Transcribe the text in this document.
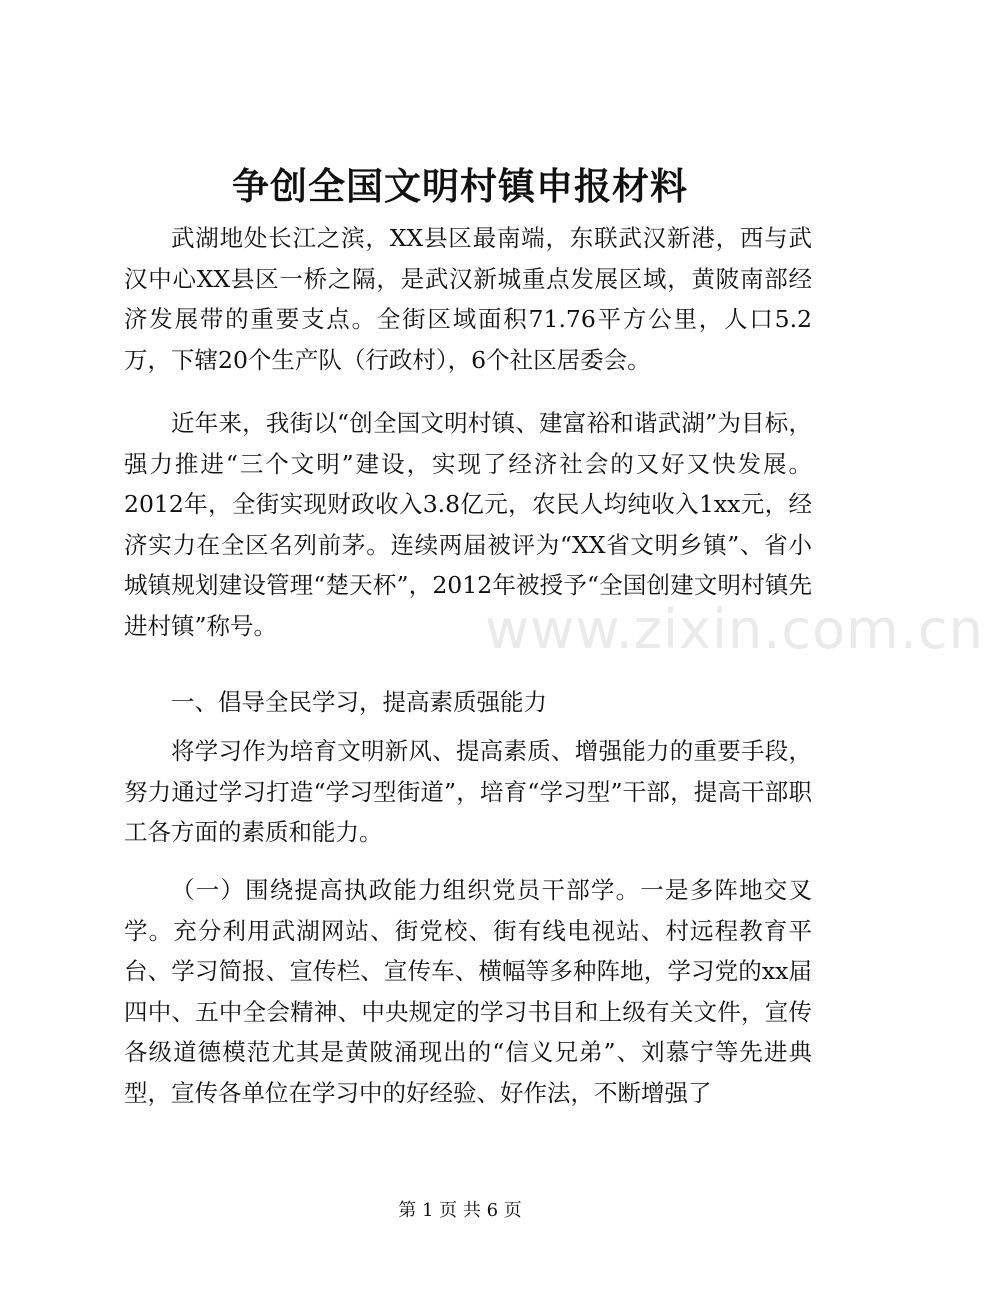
争创全国文明村镇申报材料

武湖地处长江之滨，XX县区最南端，东联武汉新港，西与武汉中心XX县区一桥之隔，是武汉新城重点发展区域，黄陂南部经济发展带的重要支点。全街区域面积71.76平方公里，人口5.2万，下辖20个生产队（行政村），6个社区居委会。

近年来，我街以“创全国文明村镇、建富裕和谐武湖”为目标，强力推进“三个文明”建设，实现了经济社会的又好又快发展。2012年，全街实现财政收入3.8亿元，农民人均纯收入1xx元，经济实力在全区名列前茅。连续两届被评为“XX省文明乡镇”、省小城镇规划建设管理“楚天杯”，2012年被授予“全国创建文明村镇先进村镇”称号。

一、倡导全民学习，提高素质强能力

将学习作为培育文明新风、提高素质、增强能力的重要手段，努力通过学习打造“学习型街道”，培育“学习型”干部，提高干部职工各方面的素质和能力。

（一）围绕提高执政能力组织党员干部学。一是多阵地交叉学。充分利用武湖网站、街党校、街有线电视站、村远程教育平台、学习简报、宣传栏、宣传车、横幅等多种阵地，学习党的xx届四中、五中全会精神、中央规定的学习书目和上级有关文件，宣传各级道德模范尤其是黄陂涌现出的“信义兄弟”、刘慕宁等先进典型，宣传各单位在学习中的好经验、好作法，不断增强了

www.zixin.com.cn
第 1 页 共 6 页
